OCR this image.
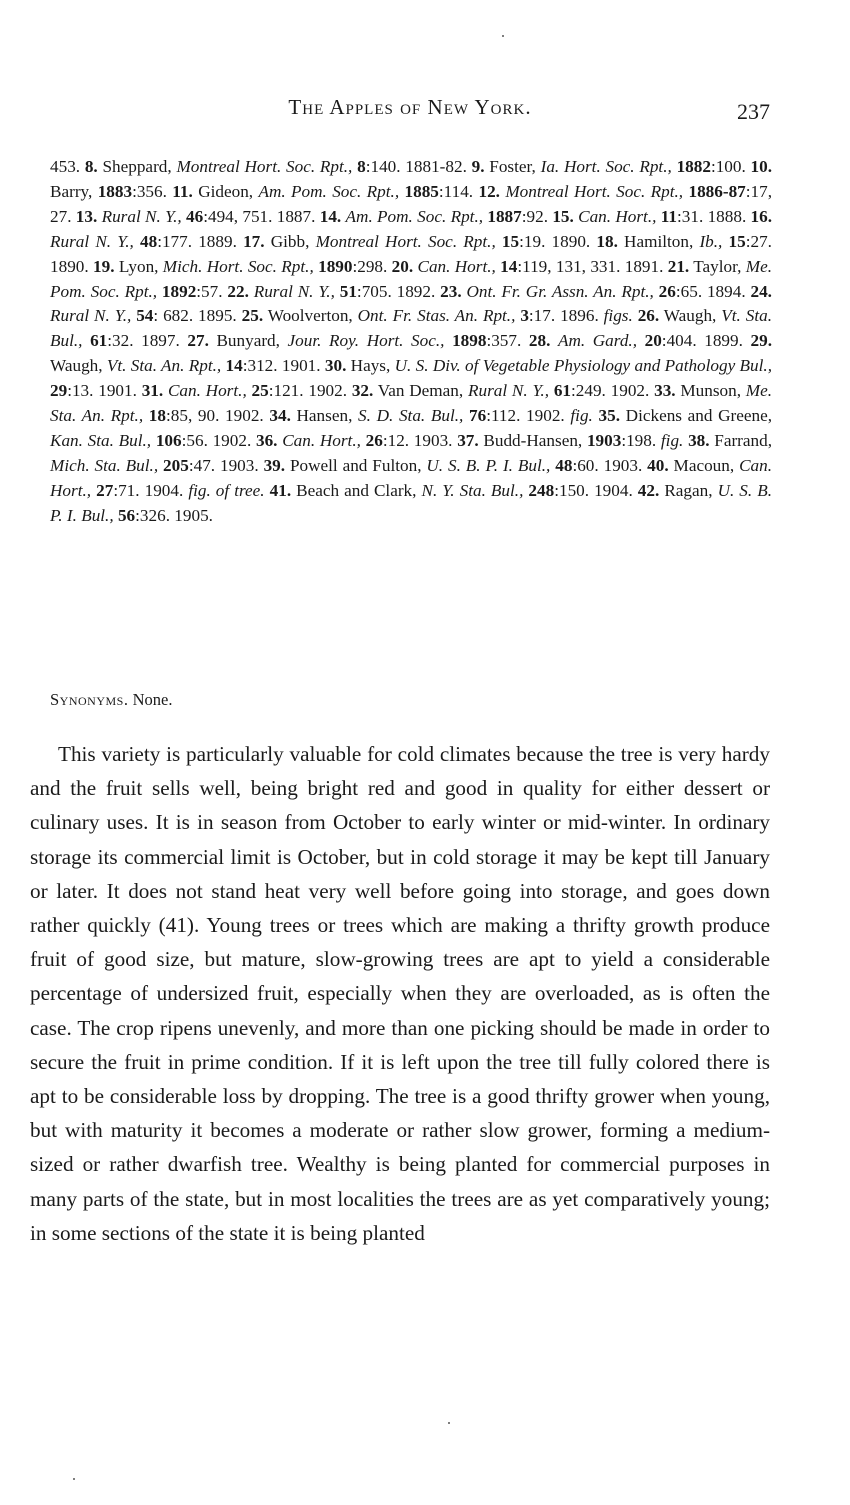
The Apples of New York.	237
453. 8. Sheppard, Montreal Hort. Soc. Rpt., 8:140. 1881-82. 9. Foster, Ia. Hort. Soc. Rpt., 1882:100. 10. Barry, 1883:356. 11. Gideon, Am. Pom. Soc. Rpt., 1885:114. 12. Montreal Hort. Soc. Rpt., 1886-87:17, 27. 13. Rural N. Y., 46:494, 751. 1887. 14. Am. Pom. Soc. Rpt., 1887:92. 15. Can. Hort., 11:31. 1888. 16. Rural N. Y., 48:177. 1889. 17. Gibb, Montreal Hort. Soc. Rpt., 15:19. 1890. 18. Hamilton, Ib., 15:27. 1890. 19. Lyon, Mich. Hort. Soc. Rpt., 1890:298. 20. Can. Hort., 14:119, 131, 331. 1891. 21. Taylor, Me. Pom. Soc. Rpt., 1892:57. 22. Rural N. Y., 51:705. 1892. 23. Ont. Fr. Gr. Assn. An. Rpt., 26:65. 1894. 24. Rural N. Y., 54: 682. 1895. 25. Woolverton, Ont. Fr. Stas. An. Rpt., 3:17. 1896. figs. 26. Waugh, Vt. Sta. Bul., 61:32. 1897. 27. Bunyard, Jour. Roy. Hort. Soc., 1898:357. 28. Am. Gard., 20:404. 1899. 29. Waugh, Vt. Sta. An. Rpt., 14:312. 1901. 30. Hays, U. S. Div. of Vegetable Physiology and Pathology Bul., 29:13. 1901. 31. Can. Hort., 25:121. 1902. 32. Van Deman, Rural N. Y., 61:249. 1902. 33. Munson, Me. Sta. An. Rpt., 18:85, 90. 1902. 34. Hansen, S. D. Sta. Bul., 76:112. 1902. fig. 35. Dickens and Greene, Kan. Sta. Bul., 106:56. 1902. 36. Can. Hort., 26:12. 1903. 37. Budd-Hansen, 1903:198. fig. 38. Farrand, Mich. Sta. Bul., 205:47. 1903. 39. Powell and Fulton, U. S. B. P. I. Bul., 48:60. 1903. 40. Macoun, Can. Hort., 27:71. 1904. fig. of tree. 41. Beach and Clark, N. Y. Sta. Bul., 248:150. 1904. 42. Ragan, U. S. B. P. I. Bul., 56:326. 1905.
Synonyms. None.

This variety is particularly valuable for cold climates because the tree is very hardy and the fruit sells well, being bright red and good in quality for either dessert or culinary uses. It is in season from October to early winter or mid-winter. In ordinary storage its commercial limit is October, but in cold storage it may be kept till January or later. It does not stand heat very well before going into storage, and goes down rather quickly (41). Young trees or trees which are making a thrifty growth produce fruit of good size, but mature, slow-growing trees are apt to yield a considerable percentage of undersized fruit, especially when they are overloaded, as is often the case. The crop ripens unevenly, and more than one picking should be made in order to secure the fruit in prime condition. If it is left upon the tree till fully colored there is apt to be considerable loss by dropping. The tree is a good thrifty grower when young, but with maturity it becomes a moderate or rather slow grower, forming a medium-sized or rather dwarfish tree. Wealthy is being planted for commercial purposes in many parts of the state, but in most localities the trees are as yet comparatively young; in some sections of the state it is being planted
